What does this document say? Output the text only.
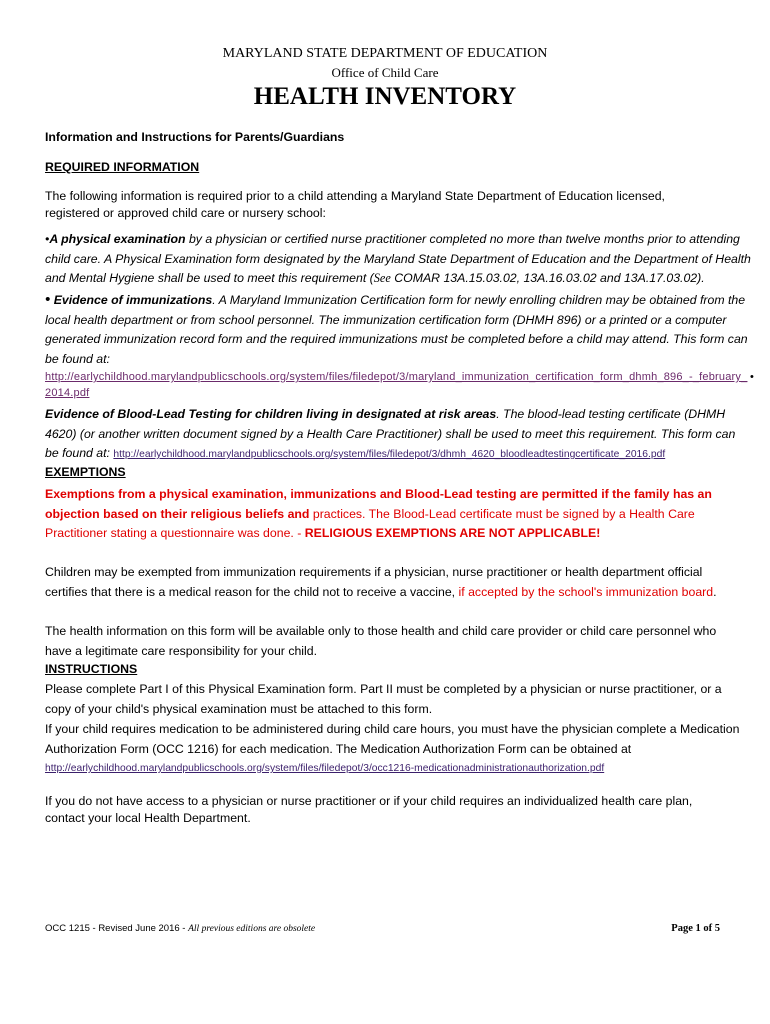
MARYLAND STATE DEPARTMENT OF EDUCATION
Office of Child Care
HEALTH INVENTORY
Information and Instructions for Parents/Guardians
REQUIRED INFORMATION
The following information is required prior to a child attending a Maryland State Department of Education licensed, registered or approved child care or nursery school:
•A physical examination by a physician or certified nurse practitioner completed no more than twelve months prior to attending child care. A Physical Examination form designated by the Maryland State Department of Education and the Department of Health and Mental Hygiene shall be used to meet this requirement (See COMAR 13A.15.03.02, 13A.16.03.02 and 13A.17.03.02).
• Evidence of immunizations. A Maryland Immunization Certification form for newly enrolling children may be obtained from the local health department or from school personnel. The immunization certification form (DHMH 896) or a printed or a computer generated immunization record form and the required immunizations must be completed before a child may attend. This form can be found at:
http://earlychildhood.marylandpublicschools.org/system/files/filedepot/3/maryland_immunization_certification_form_dhmh_896_-_february_2014.pdf
•
Evidence of Blood-Lead Testing for children living in designated at risk areas. The blood-lead testing certificate (DHMH 4620) (or another written document signed by a Health Care Practitioner) shall be used to meet this requirement. This form can be found at: http://earlychildhood.marylandpublicschools.org/system/files/filedepot/3/dhmh_4620_bloodleadtestingcertificate_2016.pdf
EXEMPTIONS
Exemptions from a physical examination, immunizations and Blood-Lead testing are permitted if the family has an objection based on their religious beliefs and practices. The Blood-Lead certificate must be signed by a Health Care Practitioner stating a questionnaire was done. - RELIGIOUS EXEMPTIONS ARE NOT APPLICABLE!
Children may be exempted from immunization requirements if a physician, nurse practitioner or health department official certifies that there is a medical reason for the child not to receive a vaccine, if accepted by the school's immunization board.
The health information on this form will be available only to those health and child care provider or child care personnel who have a legitimate care responsibility for your child.
INSTRUCTIONS
Please complete Part I of this Physical Examination form. Part II must be completed by a physician or nurse practitioner, or a copy of your child's physical examination must be attached to this form.
If your child requires medication to be administered during child care hours, you must have the physician complete a Medication Authorization Form (OCC 1216) for each medication. The Medication Authorization Form can be obtained at
http://earlychildhood.marylandpublicschools.org/system/files/filedepot/3/occ1216-medicationadministrationauthorization.pdf
If you do not have access to a physician or nurse practitioner or if your child requires an individualized health care plan, contact your local Health Department.
OCC 1215 - Revised June 2016 - All previous editions are obsolete	Page 1 of 5
